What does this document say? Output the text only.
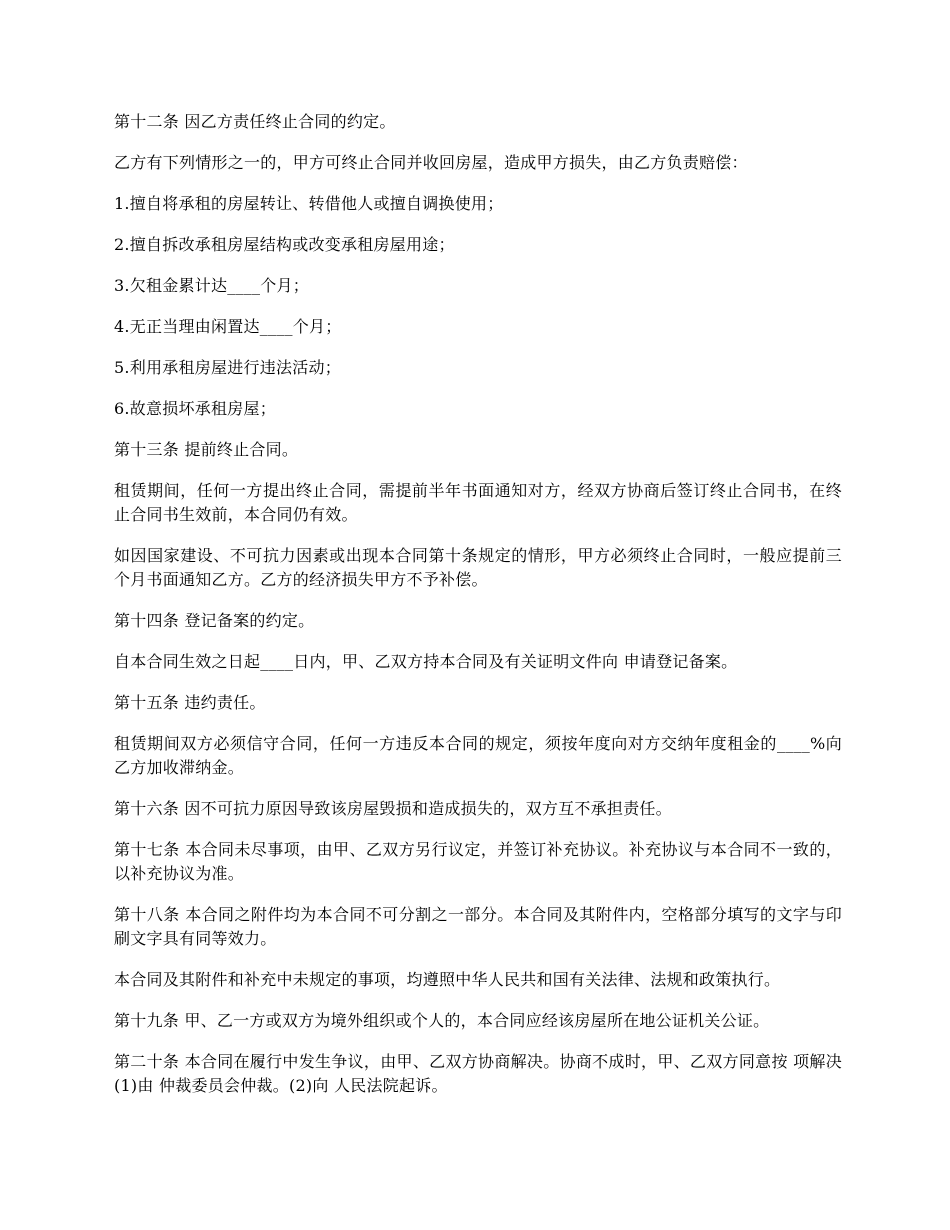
第十二条 因乙方责任终止合同的约定。

乙方有下列情形之一的，甲方可终止合同并收回房屋，造成甲方损失，由乙方负责赔偿：

1.擅自将承租的房屋转让、转借他人或擅自调换使用；

2.擅自拆改承租房屋结构或改变承租房屋用途；

3.欠租金累计达____个月；

4.无正当理由闲置达____个月；

5.利用承租房屋进行违法活动；

6.故意损坏承租房屋；

第十三条 提前终止合同。

租赁期间，任何一方提出终止合同，需提前半年书面通知对方，经双方协商后签订终止合同书，在终止合同书生效前，本合同仍有效。

如因国家建设、不可抗力因素或出现本合同第十条规定的情形，甲方必须终止合同时，一般应提前三个月书面通知乙方。乙方的经济损失甲方不予补偿。

第十四条 登记备案的约定。

自本合同生效之日起____日内，甲、乙双方持本合同及有关证明文件向 申请登记备案。

第十五条 违约责任。

租赁期间双方必须信守合同，任何一方违反本合同的规定，须按年度向对方交纳年度租金的____%向乙方加收滞纳金。

第十六条 因不可抗力原因导致该房屋毁损和造成损失的，双方互不承担责任。

第十七条 本合同未尽事项，由甲、乙双方另行议定，并签订补充协议。补充协议与本合同不一致的，以补充协议为准。

第十八条 本合同之附件均为本合同不可分割之一部分。本合同及其附件内，空格部分填写的文字与印刷文字具有同等效力。

本合同及其附件和补充中未规定的事项，均遵照中华人民共和国有关法律、法规和政策执行。

第十九条 甲、乙一方或双方为境外组织或个人的，本合同应经该房屋所在地公证机关公证。

第二十条 本合同在履行中发生争议，由甲、乙双方协商解决。协商不成时，甲、乙双方同意按 项解决(1)由 仲裁委员会仲裁。(2)向 人民法院起诉。
